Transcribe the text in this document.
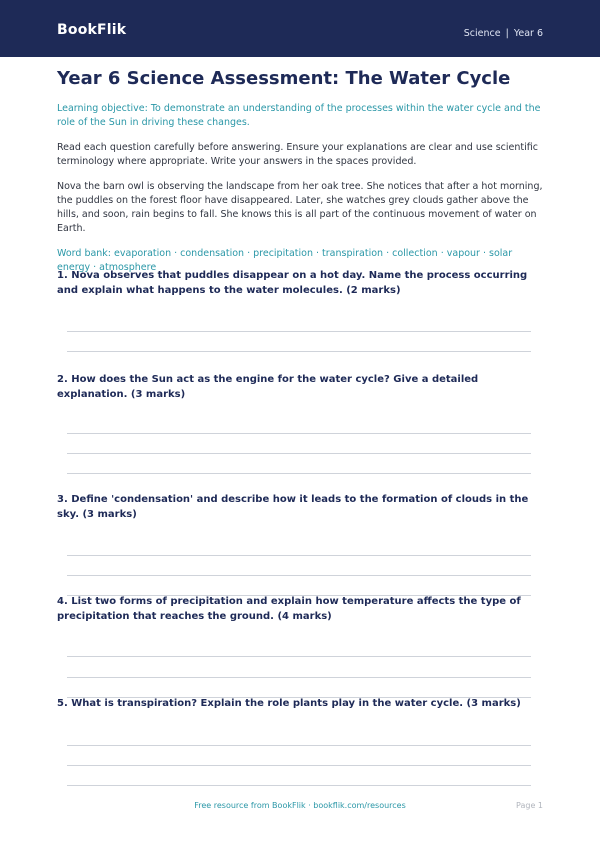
BookFlik	Science | Year 6
Year 6 Science Assessment: The Water Cycle
Learning objective: To demonstrate an understanding of the processes within the water cycle and the role of the Sun in driving these changes.
Read each question carefully before answering. Ensure your explanations are clear and use scientific terminology where appropriate. Write your answers in the spaces provided.
Nova the barn owl is observing the landscape from her oak tree. She notices that after a hot morning, the puddles on the forest floor have disappeared. Later, she watches grey clouds gather above the hills, and soon, rain begins to fall. She knows this is all part of the continuous movement of water on Earth.
Word bank: evaporation · condensation · precipitation · transpiration · collection · vapour · solar energy · atmosphere
1. Nova observes that puddles disappear on a hot day. Name the process occurring and explain what happens to the water molecules. (2 marks)
2. How does the Sun act as the engine for the water cycle? Give a detailed explanation. (3 marks)
3. Define 'condensation' and describe how it leads to the formation of clouds in the sky. (3 marks)
4. List two forms of precipitation and explain how temperature affects the type of precipitation that reaches the ground. (4 marks)
5. What is transpiration? Explain the role plants play in the water cycle. (3 marks)
Free resource from BookFlik · bookflik.com/resources	Page 1
